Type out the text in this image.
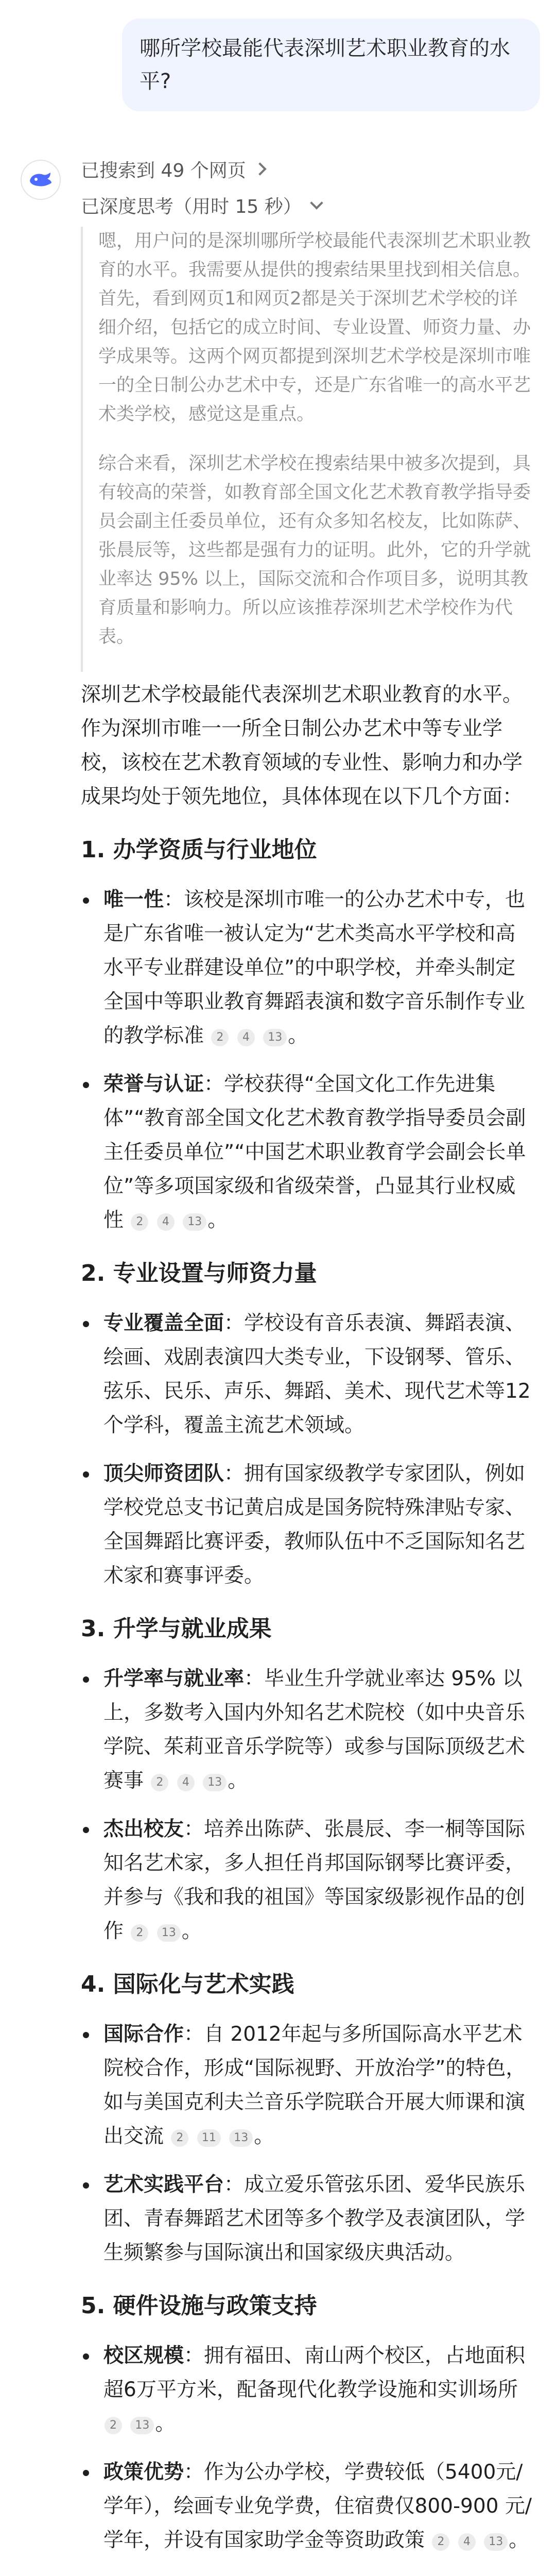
哪所学校最能代表深圳艺术职业教育的水平?
已搜索到 49 个网页
已深度思考（用时 15 秒）

嗯，用户问的是深圳哪所学校最能代表深圳艺术职业教育的水平。我需要从提供的搜索结果里找到相关信息。首先，看到网页1和网页2都是关于深圳艺术学校的详细介绍，包括它的成立时间、专业设置、师资力量、办学成果等。这两个网页都提到深圳艺术学校是深圳市唯一的全日制公办艺术中专，还是广东省唯一的高水平艺术类学校，感觉这是重点。

综合来看，深圳艺术学校在搜索结果中被多次提到，具有较高的荣誉，如教育部全国文化艺术教育教学指导委员会副主任委员单位，还有众多知名校友，比如陈萨、张晨辰等，这些都是强有力的证明。此外，它的升学就业率达 95% 以上，国际交流和合作项目多，说明其教育质量和影响力。所以应该推荐深圳艺术学校作为代表。

深圳艺术学校最能代表深圳艺术职业教育的水平。作为深圳市唯一一所全日制公办艺术中等专业学校，该校在艺术教育领域的专业性、影响力和办学成果均处于领先地位，具体体现在以下几个方面：

1. 办学资质与行业地位
唯一性：该校是深圳市唯一的公办艺术中专，也是广东省唯一被认定为“艺术类高水平学校和高水平专业群建设单位”的中职学校，并牵头制定全国中等职业教育舞蹈表演和数字音乐制作专业的教学标准 2 4 13 。
荣誉与认证：学校获得“全国文化工作先进集体”“教育部全国文化艺术教育教学指导委员会副主任委员单位”“中国艺术职业教育学会副会长单位”等多项国家级和省级荣誉，凸显其行业权威性 2 4 13 。
2. 专业设置与师资力量
专业覆盖全面：学校设有音乐表演、舞蹈表演、绘画、戏剧表演四大类专业，下设钢琴、管乐、弦乐、民乐、声乐、舞蹈、美术、现代艺术等12个学科，覆盖主流艺术领域。
顶尖师资团队：拥有国家级教学专家团队，例如学校党总支书记黄启成是国务院特殊津贴专家、全国舞蹈比赛评委，教师队伍中不乏国际知名艺术家和赛事评委。
3. 升学与就业成果
升学率与就业率：毕业生升学就业率达 95% 以上，多数考入国内外知名艺术院校（如中央音乐学院、茱莉亚音乐学院等）或参与国际顶级艺术赛事 2 4 13 。
杰出校友：培养出陈萨、张晨辰、李一桐等国际知名艺术家，多人担任肖邦国际钢琴比赛评委，并参与《我和我的祖国》等国家级影视作品的创作 2 13 。
4. 国际化与艺术实践
国际合作：自 2012年起与多所国际高水平艺术院校合作，形成“国际视野、开放治学”的特色，如与美国克利夫兰音乐学院联合开展大师课和演出交流 2 11 13 。
艺术实践平台：成立爱乐管弦乐团、爱华民族乐团、青春舞蹈艺术团等多个教学及表演团队，学生频繁参与国际演出和国家级庆典活动。
5. 硬件设施与政策支持
校区规模：拥有福田、南山两个校区，占地面积超6万平方米，配备现代化教学设施和实训场所 2 13 。
政策优势：作为公办学校，学费较低（5400元/学年），绘画专业免学费，住宿费仅800-900 元/学年，并设有国家助学金等资助政策 2 4 13 。
